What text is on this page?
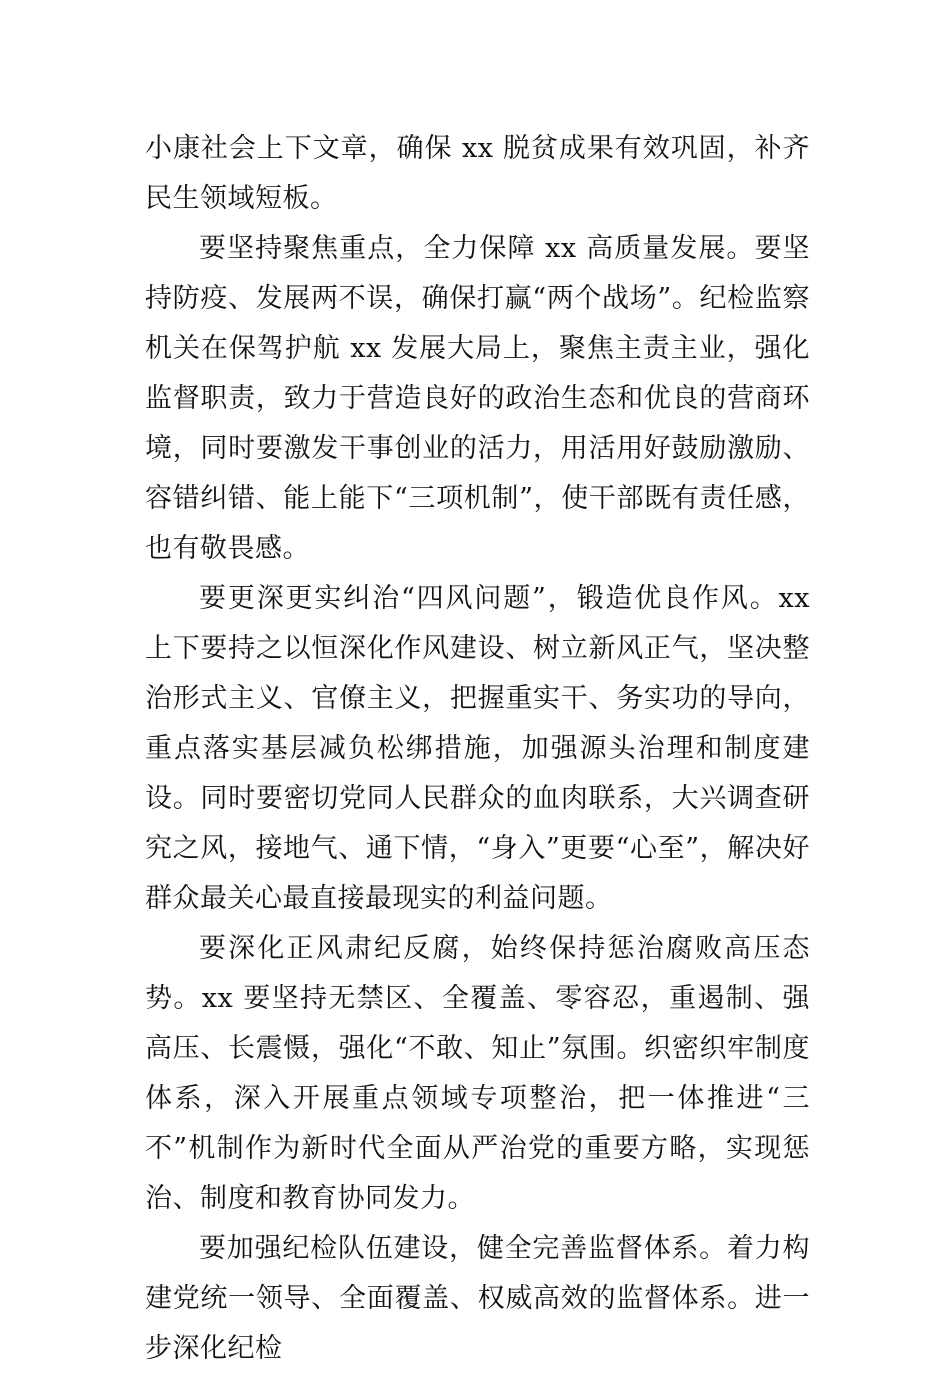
小康社会上下文章，确保 xx 脱贫成果有效巩固，补齐民生领域短板。

要坚持聚焦重点，全力保障 xx 高质量发展。要坚持防疫、发展两不误，确保打赢“两个战场”。纪检监察机关在保驾护航 xx 发展大局上，聚焦主责主业，强化监督职责，致力于营造良好的政治生态和优良的营商环境，同时要激发干事创业的活力，用活用好鼓励激励、容错纠错、能上能下“三项机制”，使干部既有责任感，也有敬畏感。

要更深更实纠治“四风问题”，锻造优良作风。xx 上下要持之以恒深化作风建设、树立新风正气，坚决整治形式主义、官僚主义，把握重实干、务实功的导向，重点落实基层减负松绑措施，加强源头治理和制度建设。同时要密切党同人民群众的血肉联系，大兴调查研究之风，接地气、通下情，“身入”更要“心至”，解决好群众最关心最直接最现实的利益问题。

要深化正风肃纪反腐，始终保持惩治腐败高压态势。xx 要坚持无禁区、全覆盖、零容忍，重遏制、强高压、长震慑，强化“不敢、知止”氛围。织密织牢制度体系，深入开展重点领域专项整治，把一体推进“三不”机制作为新时代全面从严治党的重要方略，实现惩治、制度和教育协同发力。

要加强纪检队伍建设，健全完善监督体系。着力构建党统一领导、全面覆盖、权威高效的监督体系。进一步深化纪检
